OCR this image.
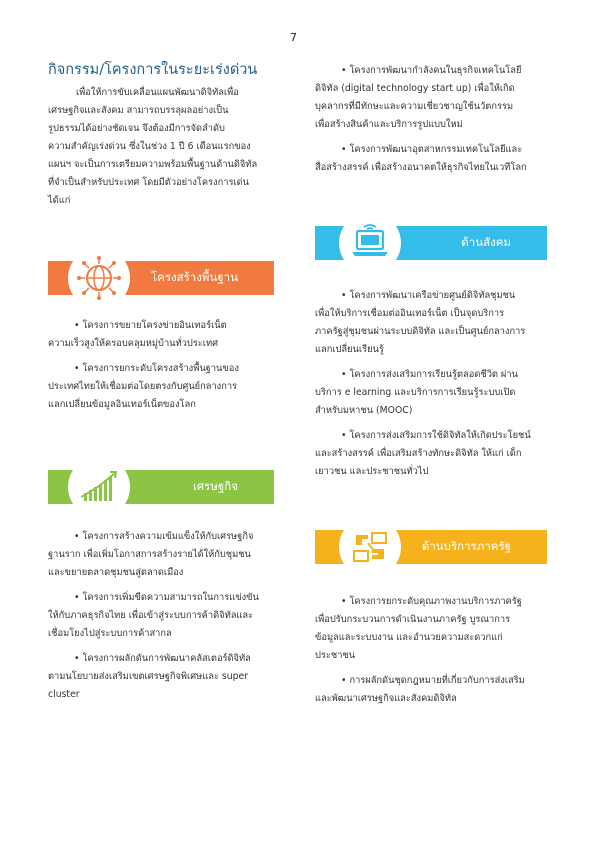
7
กิจกรรม/โครงการในระยะเร่งด่วน

เพื่อให้การขับเคลื่อนแผนพัฒนาดิจิทัลเพื่อ

เศรษฐกิจและสังคม สามารถบรรลุผลอย่างเป็น

รูปธรรมได้อย่างชัดเจน จึงต้องมีการจัดลำดับ

ความสำคัญเร่งด่วน ซึ่งในช่วง 1 ปี 6 เดือนแรกของ

แผนฯ จะเป็นการเตรียมความพร้อมพื้นฐานด้านดิจิทัล

ที่จำเป็นสำหรับประเทศ โดยมีตัวอย่างโครงการเด่น

ได้แก่

โครงสร้างพื้นฐาน

• โครงการขยายโครงข่ายอินเทอร์เน็ต

ความเร็วสูงให้ครอบคลุมหมู่บ้านทั่วประเทศ

• โครงการยกระดับโครงสร้างพื้นฐานของ

ประเทศไทยให้เชื่อมต่อโดยตรงกับศูนย์กลางการ

แลกเปลี่ยนข้อมูลอินเทอร์เน็ตของโลก

เศรษฐกิจ

• โครงการสร้างความเข้มแข็งให้กับเศรษฐกิจ

ฐานราก เพื่อเพิ่มโอกาสการสร้างรายได้ให้กับชุมชน

และขยายตลาดชุมชนสู่ตลาดเมือง

• โครงการเพิ่มขีดความสามารถในการแข่งขัน

ให้กับภาคธุรกิจไทย เพื่อเข้าสู่ระบบการค้าดิจิทัลและ

เชื่อมโยงไปสู่ระบบการค้าสากล

• โครงการผลักดันการพัฒนาคลัสเตอร์ดิจิทัล

ตามนโยบายส่งเสริมเขตเศรษฐกิจพิเศษและ super

cluster

• โครงการพัฒนากำลังคนในธุรกิจเทคโนโลยี

ดิจิทัล (digital technology start up) เพื่อให้เกิด

บุคลากรที่มีทักษะและความเชี่ยวชาญใช้นวัตกรรม

เพื่อสร้างสินค้าและบริการรูปแบบใหม่

• โครงการพัฒนาอุตสาหกรรมเทคโนโลยีและ

สื่อสร้างสรรค์ เพื่อสร้างอนาคตให้ธุรกิจไทยในเวทีโลก

ด้านสังคม

• โครงการพัฒนาเครือข่ายศูนย์ดิจิทัลชุมชน

เพื่อให้บริการเชื่อมต่ออินเทอร์เน็ต เป็นจุดบริการ

ภาครัฐสู่ชุมชนผ่านระบบดิจิทัล และเป็นศูนย์กลางการ

แลกเปลี่ยนเรียนรู้

• โครงการส่งเสริมการเรียนรู้ตลอดชีวิต ผ่าน

บริการ e learning และบริการการเรียนรู้ระบบเปิด

สำหรับมหาชน (MOOC)

• โครงการส่งเสริมการใช้ดิจิทัลให้เกิดประโยชน์

และสร้างสรรค์ เพื่อเสริมสร้างทักษะดิจิทัล ให้แก่ เด็ก

เยาวชน และประชาชนทั่วไป

ด้านบริการภาครัฐ

• โครงการยกระดับคุณภาพงานบริการภาครัฐ

เพื่อปรับกระบวนการดำเนินงานภาครัฐ บูรณาการ

ข้อมูลและระบบงาน และอำนวยความสะดวกแก่

ประชาชน

• การผลักดันชุดกฎหมายที่เกี่ยวกับการส่งเสริม

และพัฒนาเศรษฐกิจและสังคมดิจิทัล
